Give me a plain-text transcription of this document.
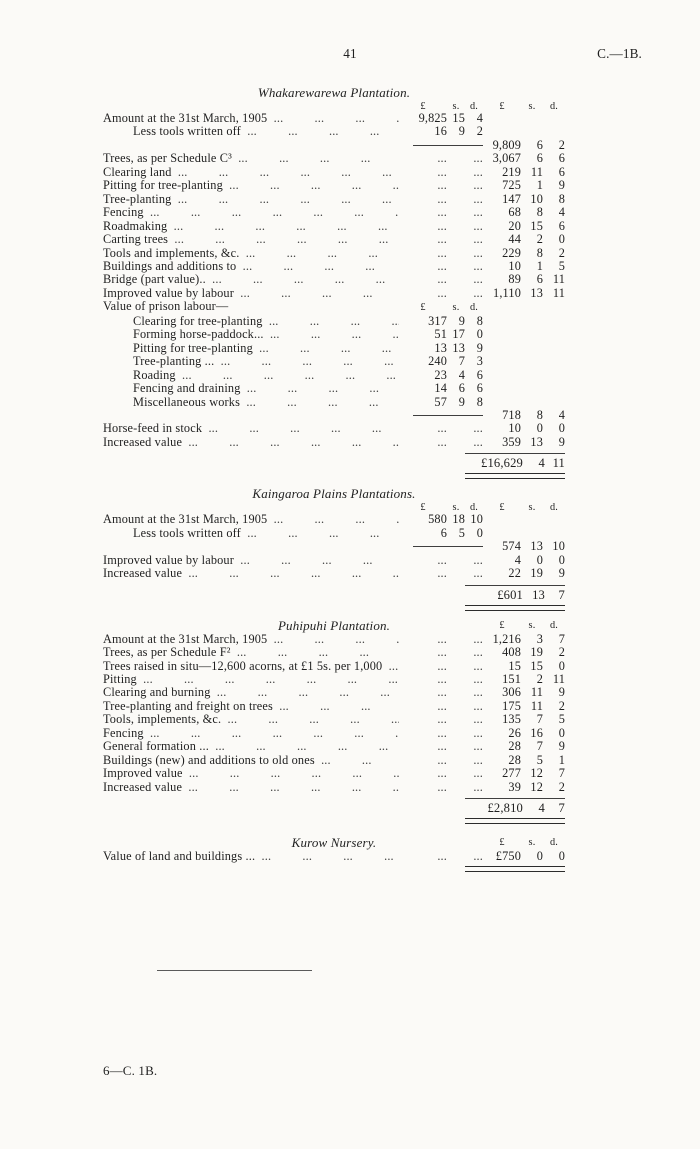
41	C.—1B.
Whakarewarewa Plantation.
£	s.	d.	£	s.	d.
Amount at the 31st March, 1905 ...  	9,825 15 4
Less tools written off ...  	16 9 2
9,809	6	2
Trees, as per Schedule C³ ...   ... ...	3,067	6	6
Clearing land ...   ... ...	219 11	6
Pitting for tree-planting ...   ... ...	725	1	9
Tree-planting ...   ... ...	147 10	8
Fencing ...   ... ...	68	8	4
Roadmaking ...   ... ...	20 15	6
Carting trees ...   ... ...	44	2	0
Tools and implements, &c. ...   ... ...	229	8	2
Buildings and additions to ...   ... ...	10	1	5
Bridge (part value).. ...   ... ...	89	6 11
Improved value by labour ...   ... ...	1,110 13 11
Value of prison labour—	£	s.	d.
Clearing for tree-planting ...  	317 9 8
Forming horse-paddock... ...  	51 17 0
Pitting for tree-planting ...  	13 13 9
Tree-planting ... ...  	240 7 3
Roading ...  	23 4 6
Fencing and draining ...  	14 6 6
Miscellaneous works ...  	57 9 8
718	8	4
Horse-feed in stock ...   ... ...	10	0	0
Increased value ...   ... ...	359 13	9
£16,629	4 11
Kaingaroa Plains Plantations.
£	s.	d.	£	s.	d.
Amount at the 31st March, 1905 ...  	580 18 10
Less tools written off ...  	6 5 0
574 13 10
Improved value by labour ...   ... ...	4	0	0
Increased value ...   ... ...	22 19	9
£601 13	7
Puhipuhi Plantation.	£	s.	d.
Amount at the 31st March, 1905 ...   ... ...	1,216	3	7
Trees, as per Schedule F² ...   ... ...	408 19	2
Trees raised in situ—12,600 acorns, at £1 5s. per 1,000 ...   ... ...	15 15	0
Pitting ...   ... ...	151	2 11
Clearing and burning ...   ... ...	306 11	9
Tree-planting and freight on trees ...   ... ...	175 11	2
Tools, implements, &c. ...   ... ...	135	7	5
Fencing ...   ... ...	26 16	0
General formation ... ...   ... ...	28	7	9
Buildings (new) and additions to old ones ...   ... ...	28	5	1
Improved value ...   ... ...	277 12	7
Increased value ...   ... ...	39 12	2
£2,810	4	7
Kurow Nursery.	£	s.	d.
Value of land and buildings ... ...   ... ...	£750	0	0
6—C. 1B.
